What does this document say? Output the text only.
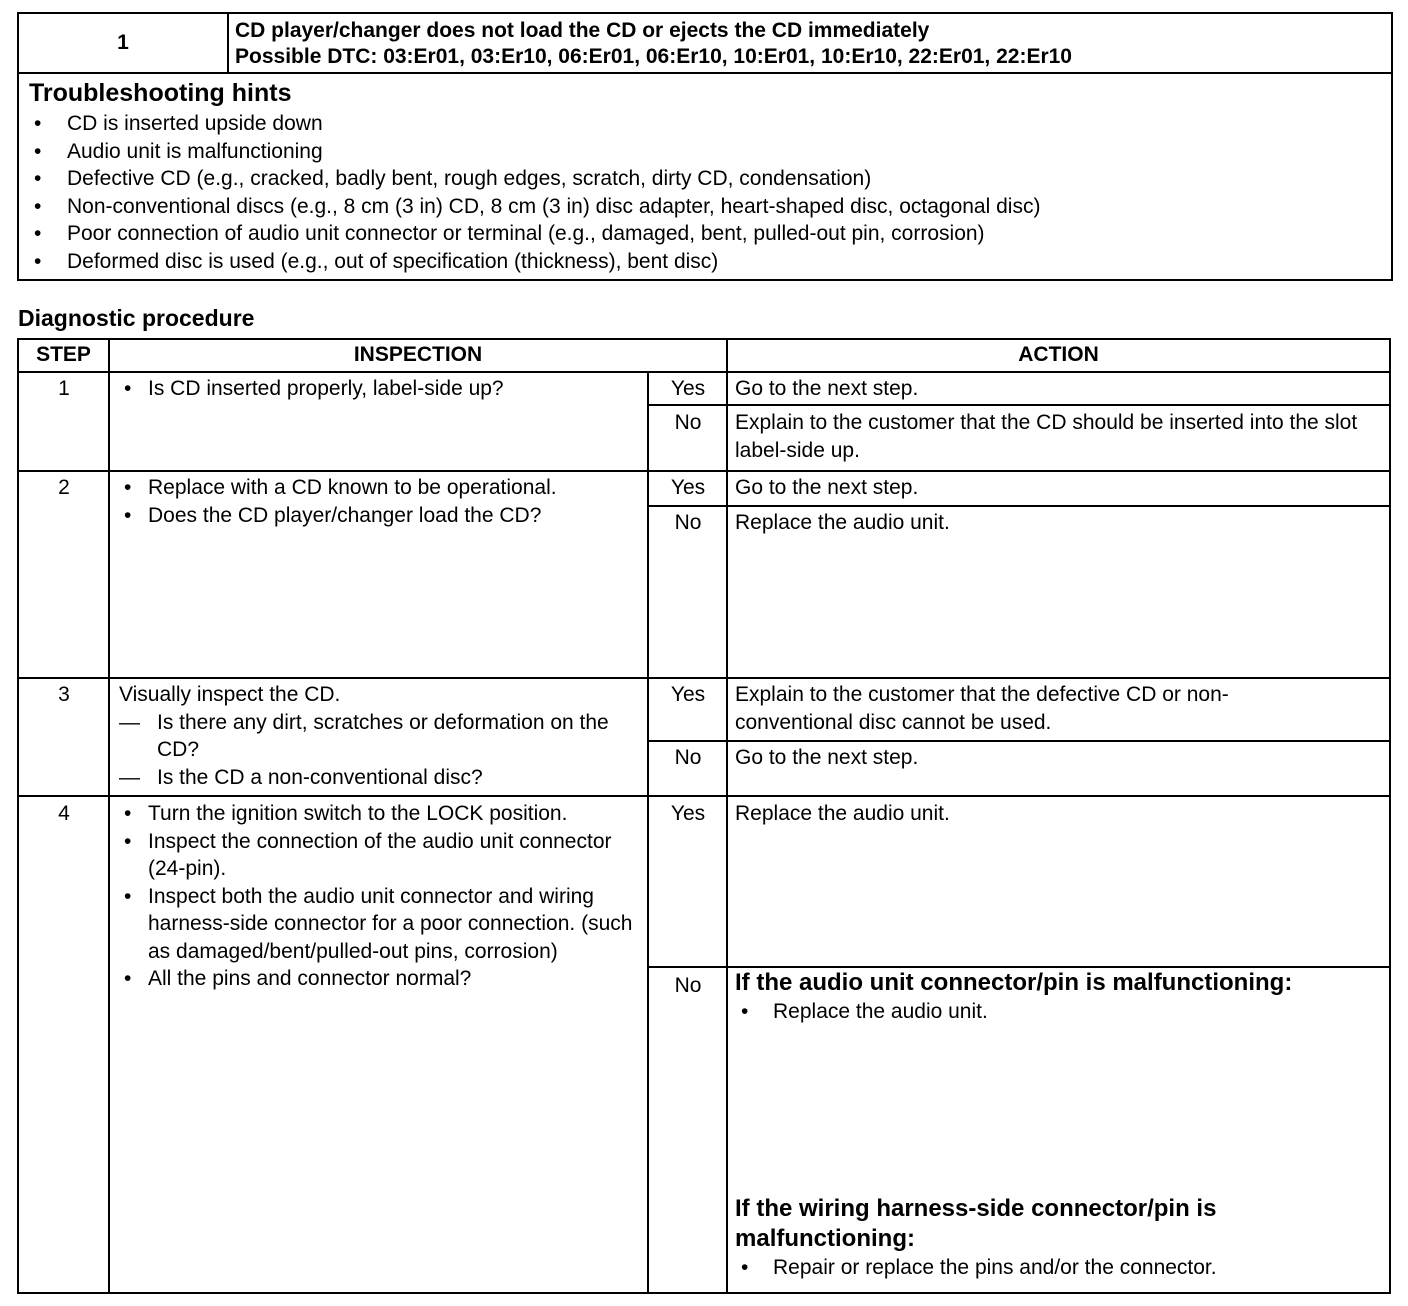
1
CD player/changer does not load the CD or ejects the CD immediately
Possible DTC: 03:Er01, 03:Er10, 06:Er01, 06:Er10, 10:Er01, 10:Er10, 22:Er01, 22:Er10
Troubleshooting hints
• CD is inserted upside down
• Audio unit is malfunctioning
• Defective CD (e.g., cracked, badly bent, rough edges, scratch, dirty CD, condensation)
• Non-conventional discs (e.g., 8 cm (3 in) CD, 8 cm (3 in) disc adapter, heart-shaped disc, octagonal disc)
• Poor connection of audio unit connector or terminal (e.g., damaged, bent, pulled-out pin, corrosion)
• Deformed disc is used (e.g., out of specification (thickness), bent disc)
Diagnostic procedure
STEP	INSPECTION	ACTION
1	• Is CD inserted properly, label-side up?	Yes	Go to the next step.
No	Explain to the customer that the CD should be inserted into the slot label-side up.
2	• Replace with a CD known to be operational.
• Does the CD player/changer load the CD?
Yes	Go to the next step.
No	Replace the audio unit.
3	Visually inspect the CD.
— Is there any dirt, scratches or deformation on the CD?
— Is the CD a non-conventional disc?
Yes	Explain to the customer that the defective CD or non-conventional disc cannot be used.
No	Go to the next step.
4	• Turn the ignition switch to the LOCK position.
• Inspect the connection of the audio unit connector (24-pin).
• Inspect both the audio unit connector and wiring harness-side connector for a poor connection. (such as damaged/bent/pulled-out pins, corrosion)
• All the pins and connector normal?
Yes	Replace the audio unit.
No	If the audio unit connector/pin is malfunctioning:
• Replace the audio unit.
If the wiring harness-side connector/pin is malfunctioning:
• Repair or replace the pins and/or the connector.
